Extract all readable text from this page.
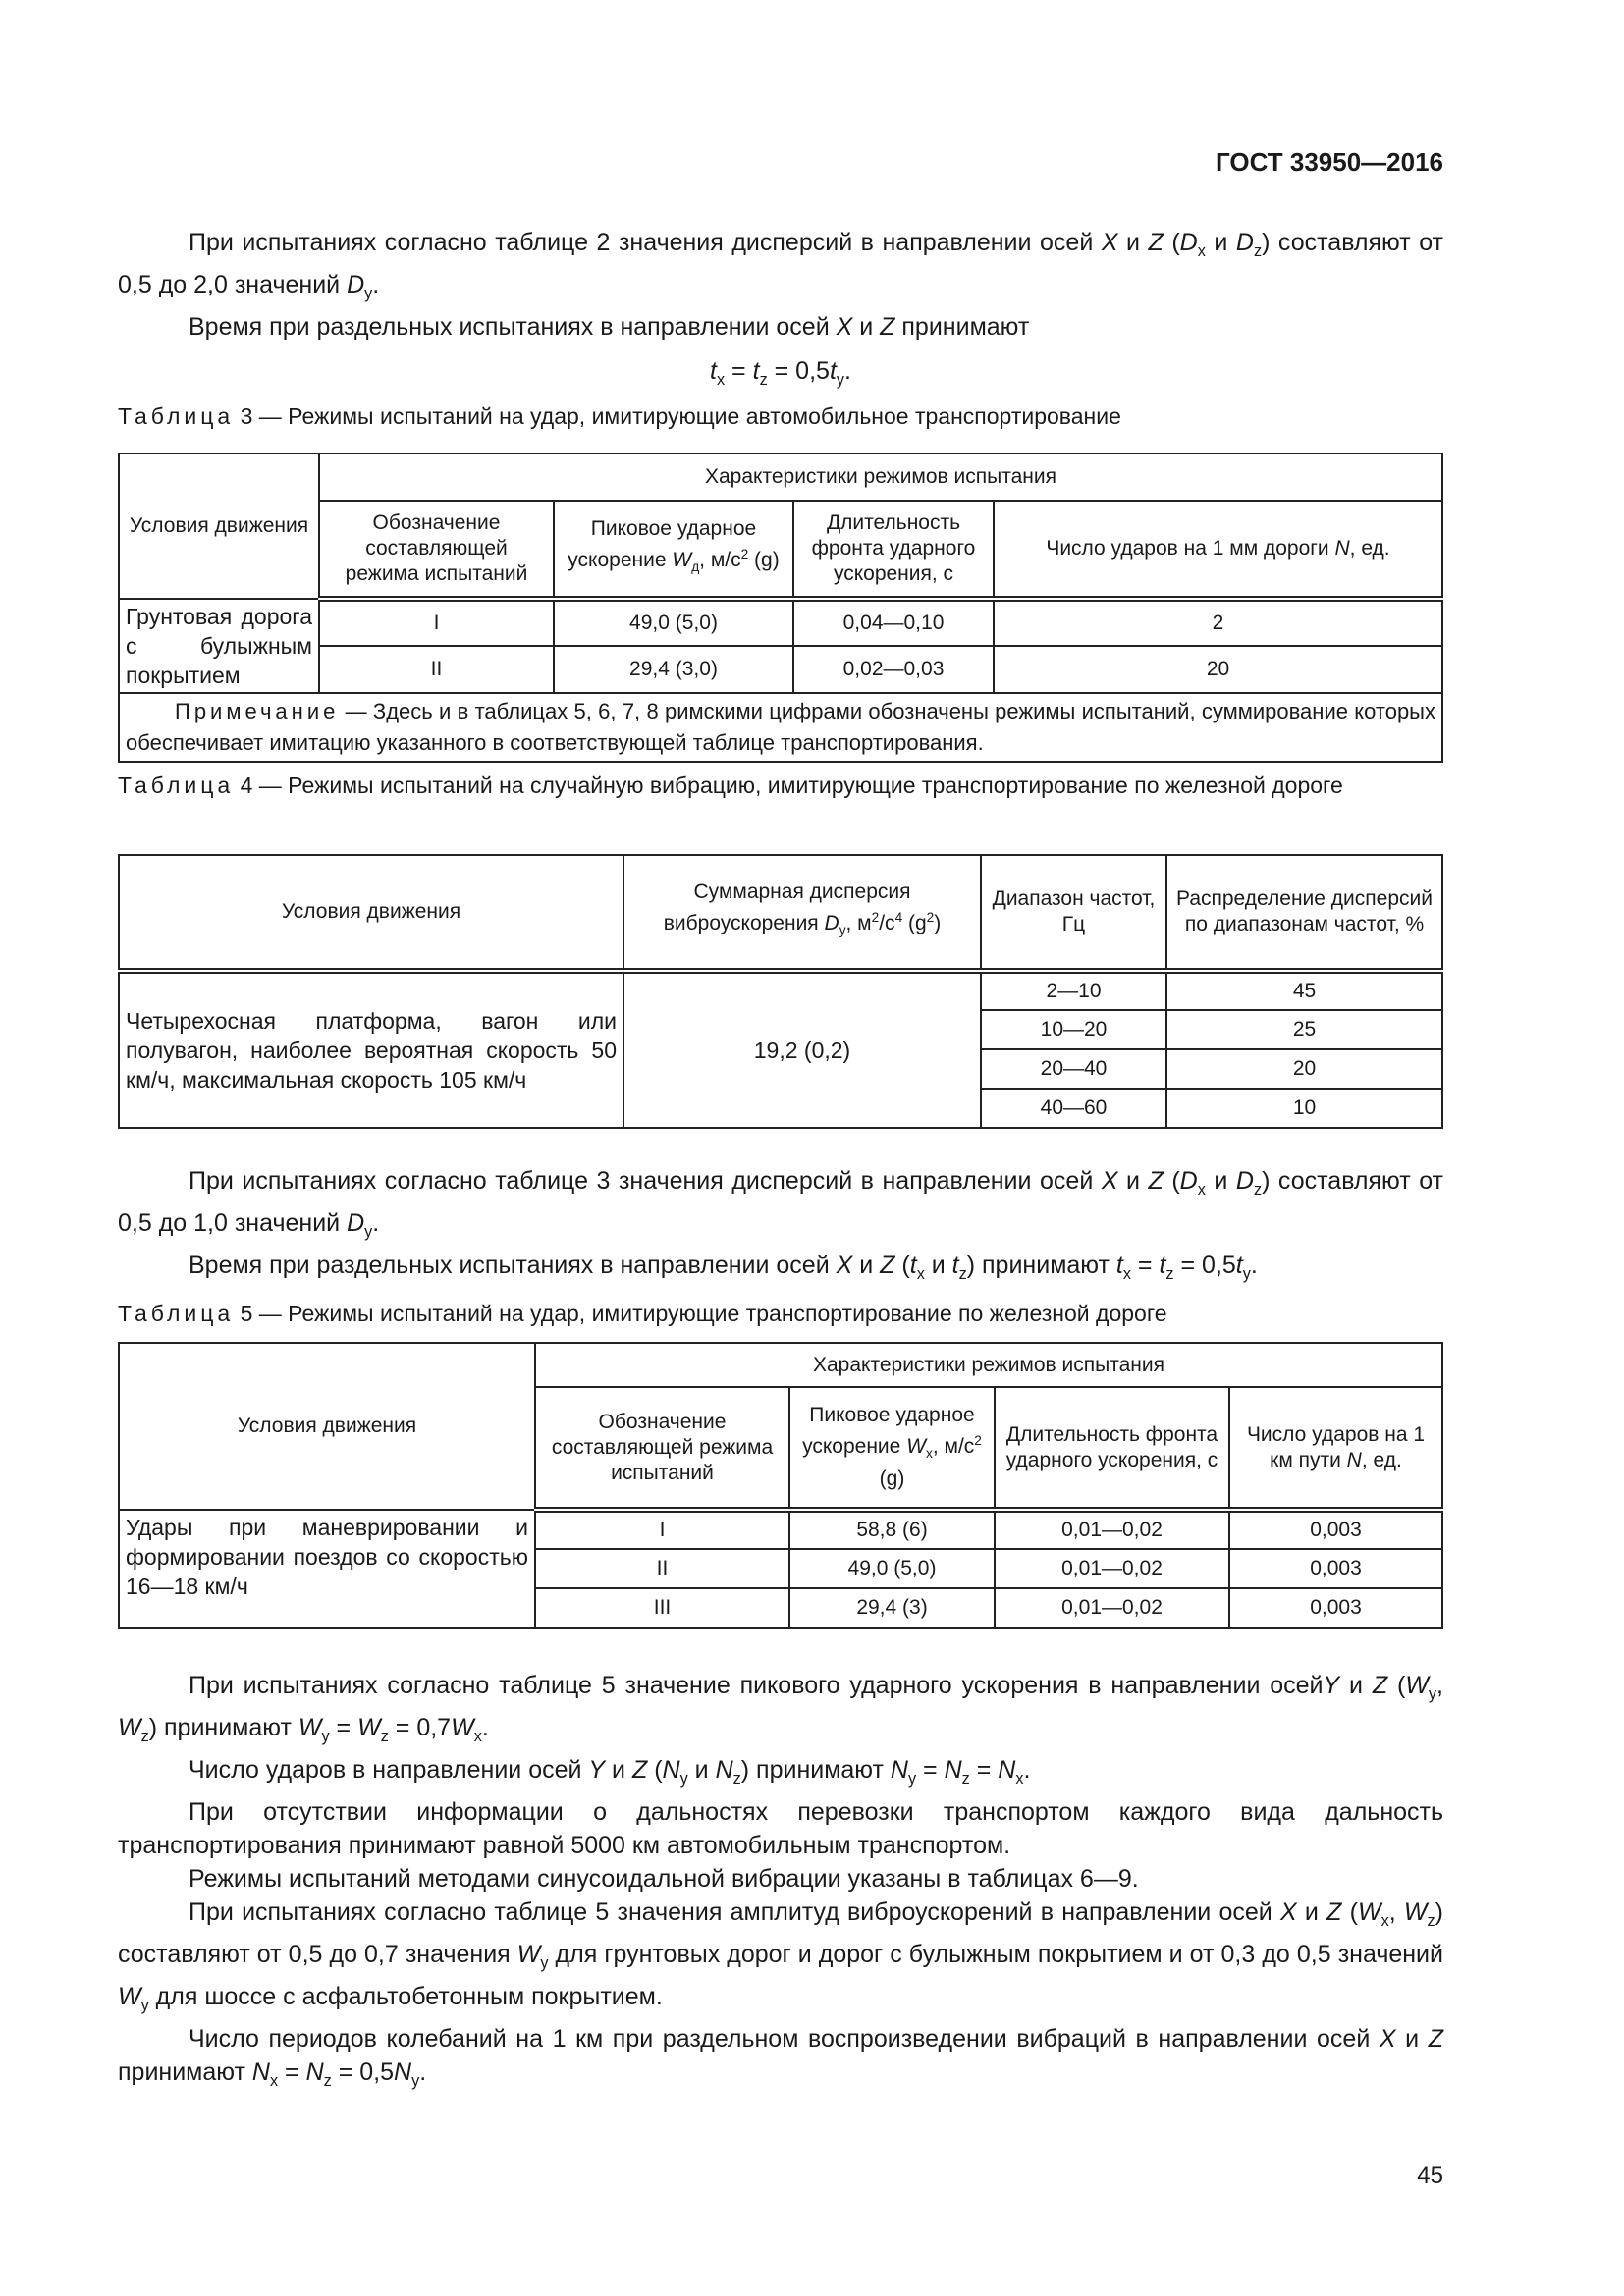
ГОСТ 33950—2016

При испытаниях согласно таблице 2 значения дисперсий в направлении осей X и Z ($D_x$ и $D_z$) составляют от 0,5 до 2,0 значений $D_y$.

Время при раздельных испытаниях в направлении осей X и Z принимают

$t_x = t_z = 0,5t_y$.

Таблица 3 — Режимы испытаний на удар, имитирующие автомобильное транспортирование

Условия движения	Характеристики режимов испытания			
	Обозначение составляющей режима испытаний	Пиковое ударное ускорение $W_д$, $м/с^2$ (g)	Длительность фронта ударного ускорения, с	Число ударов на 1 мм дороги N, ед.
Грунтовая дорога с булыжным покрытием	I	49,0 (5,0)	0,04—0,10	2
	II	29,4 (3,0)	0,02—0,03	20
Примечание — Здесь и в таблицах 5, 6, 7, 8 римскими цифрами обозначены режимы испытаний, суммирование которых обеспечивает имитацию указанного в соответствующей таблице транспортирования.				

Таблица 4 — Режимы испытаний на случайную вибрацию, имитирующие транспортирование по железной дороге

Условия движения	Суммарная дисперсия виброускорения $D_y$, $м^2/с^4$ $(g^2)$	Диапазон частот, Гц	Распределение дисперсий по диапазонам частот, %
Четырехосная платформа, вагон или полувагон, наиболее вероятная скорость 50 км/ч, максимальная скорость 105 км/ч	19,2 (0,2)	2—10	45
		10—20	25
		20—40	20
		40—60	10

При испытаниях согласно таблице 3 значения дисперсий в направлении осей X и Z ($D_x$ и $D_z$) составляют от 0,5 до 1,0 значений $D_y$.

Время при раздельных испытаниях в направлении осей X и Z ($t_x$ и $t_z$) принимают $t_x = t_z = 0,5t_y$.

Таблица 5 — Режимы испытаний на удар, имитирующие транспортирование по железной дороге

Условия движения	Характеристики режимов испытания			
	Обозначение составляющей режима испытаний	Пиковое ударное ускорение $W_x$, $м/с^2$ (g)	Длительность фронта ударного ускорения, с	Число ударов на 1 км пути N, ед.
Удары при маневрировании и формировании поездов со скоростью 16—18 км/ч	I	58,8 (6)	0,01—0,02	0,003
	II	49,0 (5,0)	0,01—0,02	0,003
	III	29,4 (3)	0,01—0,02	0,003

При испытаниях согласно таблице 5 значение пикового ударного ускорения в направлении осейY и Z ($W_y$, $W_z$) принимают $W_y = W_z = 0,7W_x$.

Число ударов в направлении осей Y и Z ($N_y$ и $N_z$) принимают $N_y = N_z = N_x$.

При отсутствии информации о дальностях перевозки транспортом каждого вида дальность транспортирования принимают равной 5000 км автомобильным транспортом.

Режимы испытаний методами синусоидальной вибрации указаны в таблицах 6—9.

При испытаниях согласно таблице 5 значения амплитуд виброускорений в направлении осей X и Z ($W_x$, $W_z$) составляют от 0,5 до 0,7 значения $W_y$ для грунтовых дорог и дорог с булыжным покрытием и от 0,3 до 0,5 значений $W_y$ для шоссе с асфальтобетонным покрытием.

Число периодов колебаний на 1 км при раздельном воспроизведении вибраций в направлении осей X и Z принимают $N_x = N_z = 0,5N_y$.

45
